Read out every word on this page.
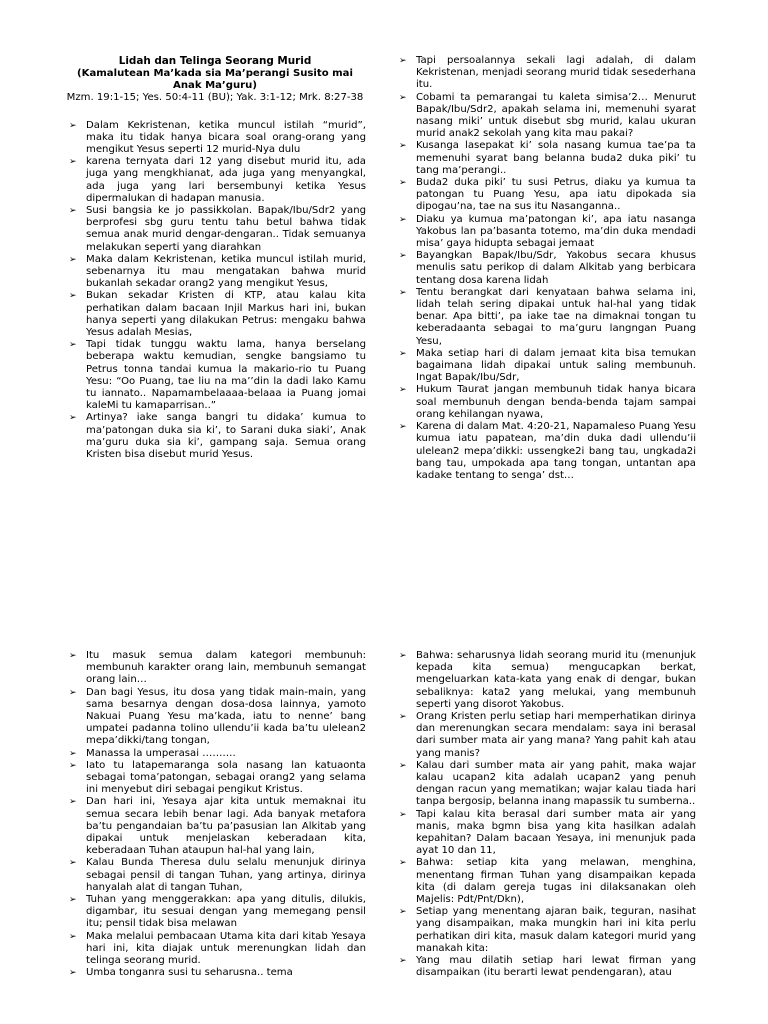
Lidah dan Telinga Seorang Murid
(Kamalutean Ma’kada sia Ma’perangi Susito mai Anak Ma’guru)
Mzm. 19:1-15; Yes. 50:4-11 (BU); Yak. 3:1-12; Mrk. 8:27-38
➢ Dalam Kekristenan, ketika muncul istilah “murid”, maka itu tidak hanya bicara soal orang-orang yang mengikut Yesus seperti 12 murid-Nya dulu
➢ karena ternyata dari 12 yang disebut murid itu, ada juga yang mengkhianat, ada juga yang menyangkal, ada juga yang lari bersembunyi ketika Yesus dipermalukan di hadapan manusia.
➢ Susi bangsia ke jo passikkolan. Bapak/Ibu/Sdr2 yang berprofesi sbg guru tentu tahu betul bahwa tidak semua anak murid dengar-dengaran.. Tidak semuanya melakukan seperti yang diarahkan
➢ Maka dalam Kekristenan, ketika muncul istilah murid, sebenarnya itu mau mengatakan bahwa murid bukanlah sekadar orang2 yang mengikut Yesus,
➢ Bukan sekadar Kristen di KTP, atau kalau kita perhatikan dalam bacaan Injil Markus hari ini, bukan hanya seperti yang dilakukan Petrus: mengaku bahwa Yesus adalah Mesias,
➢ Tapi tidak tunggu waktu lama, hanya berselang beberapa waktu kemudian, sengke bangsiamo tu Petrus tonna tandai kumua la makario-rio tu Puang Yesu: “Oo Puang, tae liu na ma’’din la dadi lako Kamu tu iannato.. Napamambelaaaa-belaaa ia Puang jomai kaleMi tu kamaparrisan..”
➢ Artinya? iake sanga bangri tu didaka’ kumua to ma’patongan duka sia ki’, to Sarani duka siaki’, Anak ma’guru duka sia ki’, gampang saja. Semua orang Kristen bisa disebut murid Yesus.
➢ Tapi persoalannya sekali lagi adalah, di dalam Kekristenan, menjadi seorang murid tidak sesederhana itu.
➢ Cobami ta pemarangai tu kaleta simisa’2… Menurut Bapak/Ibu/Sdr2, apakah selama ini, memenuhi syarat nasang miki’ untuk disebut sbg murid, kalau ukuran murid anak2 sekolah yang kita mau pakai?
➢ Kusanga lasepakat ki’ sola nasang kumua tae’pa ta memenuhi syarat bang belanna buda2 duka piki’ tu tang ma’perangi..
➢ Buda2 duka piki’ tu susi Petrus, diaku ya kumua ta patongan tu Puang Yesu, apa iatu dipokada sia dipogau’na, tae na sus itu Nasanganna..
➢ Diaku ya kumua ma’patongan ki’, apa iatu nasanga Yakobus lan pa’basanta totemo, ma’din duka mendadi misa’ gaya hidupta sebagai jemaat
➢ Bayangkan Bapak/Ibu/Sdr, Yakobus secara khusus menulis satu perikop di dalam Alkitab yang berbicara tentang dosa karena lidah
➢ Tentu berangkat dari kenyataan bahwa selama ini, lidah telah sering dipakai untuk hal-hal yang tidak benar. Apa bitti’, pa iake tae na dimaknai tongan tu keberadaanta sebagai to ma’guru langngan Puang Yesu,
➢ Maka setiap hari di dalam jemaat kita bisa temukan bagaimana lidah dipakai untuk saling membunuh. Ingat Bapak/Ibu/Sdr,
➢ Hukum Taurat jangan membunuh tidak hanya bicara soal membunuh dengan benda-benda tajam sampai orang kehilangan nyawa,
➢ Karena di dalam Mat. 4:20-21, Napamaleso Puang Yesu kumua iatu papatean, ma’din duka dadi ullendu’ii ulelean2 mepa’dikki: ussengke2i bang tau, ungkada2i bang tau, umpokada apa tang tongan, untantan apa kadake tentang to senga’ dst…
➢ Itu masuk semua dalam kategori membunuh: membunuh karakter orang lain, membunuh semangat orang lain…
➢ Dan bagi Yesus, itu dosa yang tidak main-main, yang sama besarnya dengan dosa-dosa lainnya, yamoto Nakuai Puang Yesu ma’kada, iatu to nenne’ bang umpatei padanna tolino ullendu’ii kada ba’tu ulelean2 mepa’dikki/tang tongan,
➢ Manassa la umperasai ……….
➢ Iato tu latapemaranga sola nasang lan katuaonta sebagai toma’patongan, sebagai orang2 yang selama ini menyebut diri sebagai pengikut Kristus.
➢ Dan hari ini, Yesaya ajar kita untuk memaknai itu semua secara lebih benar lagi. Ada banyak metafora ba’tu pengandaian ba’tu pa’pasusian lan Alkitab yang dipakai untuk menjelaskan keberadaan kita, keberadaan Tuhan ataupun hal-hal yang lain,
➢ Kalau Bunda Theresa dulu selalu menunjuk dirinya sebagai pensil di tangan Tuhan, yang artinya, dirinya hanyalah alat di tangan Tuhan,
➢ Tuhan yang menggerakkan: apa yang ditulis, dilukis, digambar, itu sesuai dengan yang memegang pensil itu; pensil tidak bisa melawan
➢ Maka melalui pembacaan Utama kita dari kitab Yesaya hari ini, kita diajak untuk merenungkan lidah dan telinga seorang murid.
➢ Umba tonganra susi tu seharusna.. tema
➢ Bahwa: seharusnya lidah seorang murid itu (menunjuk kepada kita semua) mengucapkan berkat, mengeluarkan kata-kata yang enak di dengar, bukan sebaliknya: kata2 yang melukai, yang membunuh seperti yang disorot Yakobus.
➢ Orang Kristen perlu setiap hari memperhatikan dirinya dan merenungkan secara mendalam: saya ini berasal dari sumber mata air yang mana? Yang pahit kah atau yang manis?
➢ Kalau dari sumber mata air yang pahit, maka wajar kalau ucapan2 kita adalah ucapan2 yang penuh dengan racun yang mematikan; wajar kalau tiada hari tanpa bergosip, belanna inang mapassik tu sumberna..
➢ Tapi kalau kita berasal dari sumber mata air yang manis, maka bgmn bisa yang kita hasilkan adalah kepahitan? Dalam bacaan Yesaya, ini menunjuk pada ayat 10 dan 11,
➢ Bahwa: setiap kita yang melawan, menghina, menentang firman Tuhan yang disampaikan kepada kita (di dalam gereja tugas ini dilaksanakan oleh Majelis: Pdt/Pnt/Dkn),
➢ Setiap yang menentang ajaran baik, teguran, nasihat yang disampaikan, maka mungkin hari ini kita perlu perhatikan diri kita, masuk dalam kategori murid yang manakah kita:
➢ Yang mau dilatih setiap hari lewat firman yang disampaikan (itu berarti lewat pendengaran), atau
